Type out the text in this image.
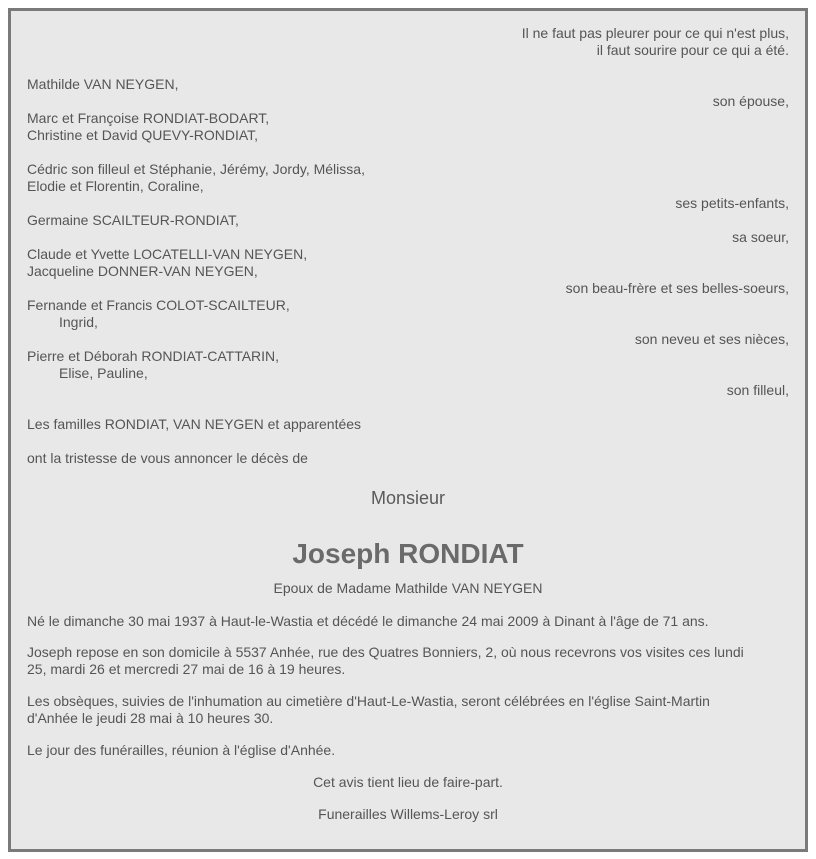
Il ne faut pas pleurer pour ce qui n'est plus,
il faut sourire pour ce qui a été.
Mathilde VAN NEYGEN,
son épouse,
Marc et Françoise RONDIAT-BODART,
Christine et David QUEVY-RONDIAT,
Cédric son filleul et Stéphanie, Jérémy, Jordy, Mélissa,
Elodie et Florentin, Coraline,
ses petits-enfants,
Germaine SCAILTEUR-RONDIAT,
sa soeur,
Claude et Yvette LOCATELLI-VAN NEYGEN,
Jacqueline DONNER-VAN NEYGEN,
son beau-frère et ses belles-soeurs,
Fernande et Francis COLOT-SCAILTEUR,
Ingrid,
son neveu et ses nièces,
Pierre et Déborah RONDIAT-CATTARIN,
Elise, Pauline,
son filleul,
Les familles RONDIAT, VAN NEYGEN et apparentées
ont la tristesse de vous annoncer le décès de
Monsieur
Joseph RONDIAT
Epoux de Madame Mathilde VAN NEYGEN
Né le dimanche 30 mai 1937 à Haut-le-Wastia et décédé le dimanche 24 mai 2009 à Dinant à l'âge de 71 ans.
Joseph repose en son domicile à 5537 Anhée, rue des Quatres Bonniers, 2, où nous recevrons vos visites ces lundi
25, mardi 26 et mercredi 27 mai de 16 à 19 heures.
Les obsèques, suivies de l'inhumation au cimetière d'Haut-Le-Wastia, seront célébrées en l'église Saint-Martin
d'Anhée le jeudi 28 mai à 10 heures 30.
Le jour des funérailles, réunion à l'église d'Anhée.
Cet avis tient lieu de faire-part.
Funerailles Willems-Leroy srl
